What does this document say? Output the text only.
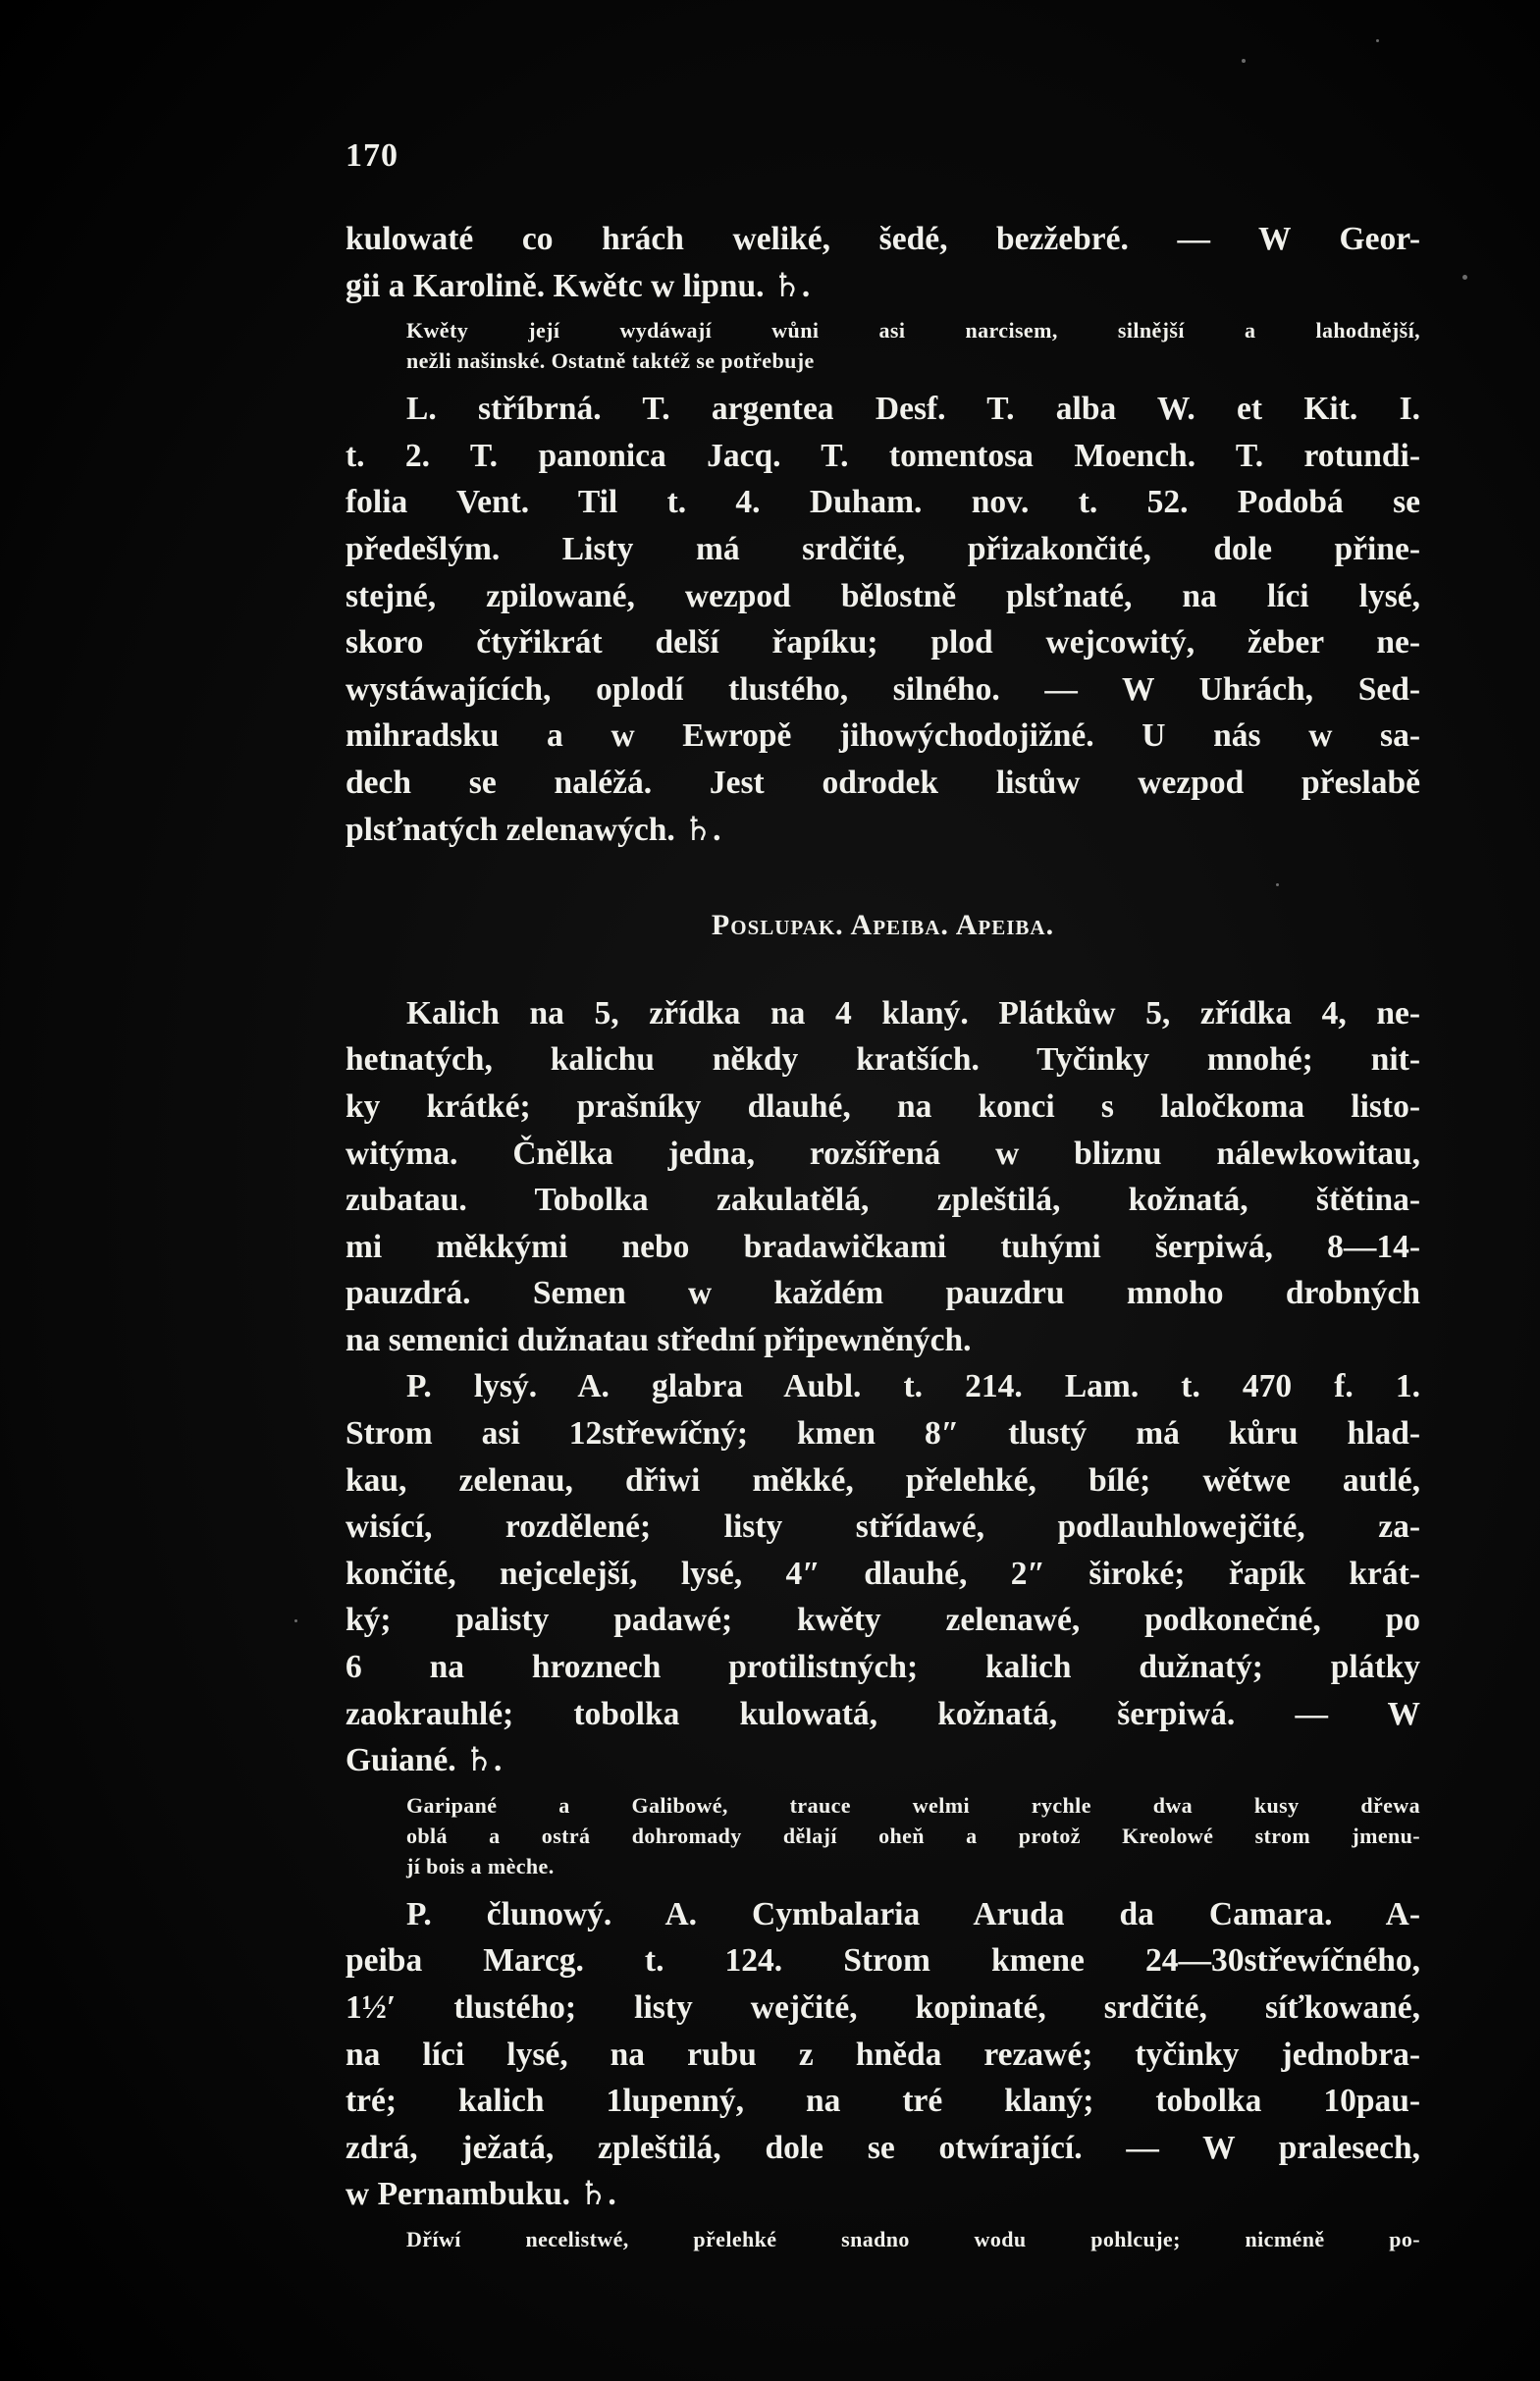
170
kulowaté co hrách weliké, šedé, bezžebré. — W Geor-
gii a Karolině. Kwětc w lipnu. ♄.
Kwěty její wydáwají wůni asi narcisem, silnější a lahodnější,
nežli našinské. Ostatně taktéž se potřebuje
L. stříbrná. T. argentea Desf. T. alba W. et Kit. I.
t. 2. T. panonica Jacq. T. tomentosa Moench. T. rotundi-
folia Vent. Til t. 4. Duham. nov. t. 52. Podobá se
předešlým. Listy má srdčité, přizakončité, dole přine-
stejné, zpilowané, wezpod bělostně plsťnaté, na líci lysé,
skoro čtyřikrát delší řapíku; plod wejcowitý, žeber ne-
wystáwajících, oplodí tlustého, silného. — W Uhrách, Sed-
mihradsku a w Ewropě jihowýchodojižné. U nás w sa-
dech se naléžá. Jest odrodek listůw wezpod přeslabě
plsťnatých zelenawých. ♄.
Poslupak. Apeiba. Apeiba.
Kalich na 5, zřídka na 4 klaný. Plátkůw 5, zřídka 4, ne-
hetnatých, kalichu někdy kratších. Tyčinky mnohé; nit-
ky krátké; prašníky dlauhé, na konci s laločkoma listo-
witýma. Čnělka jedna, rozšířená w bliznu nálewkowitau,
zubatau. Tobolka zakulatělá, zpleštilá, kožnatá, štětina-
mi měkkými nebo bradawičkami tuhými šerpiwá, 8—14-
pauzdrá. Semen w každém pauzdru mnoho drobných
na semenici dužnatau střední připewněných.
P. lysý. A. glabra Aubl. t. 214. Lam. t. 470 f. 1.
Strom asi 12střewíčný; kmen 8″ tlustý má kůru hlad-
kau, zelenau, dřiwi měkké, přelehké, bílé; wětwe autlé,
wisící, rozdělené; listy střídawé, podlauhlowejčité, za-
končité, nejcelejší, lysé, 4″ dlauhé, 2″ široké; řapík krát-
ký; palisty padawé; kwěty zelenawé, podkonečné, po
6 na hroznech protilistných; kalich dužnatý; plátky
zaokrauhlé; tobolka kulowatá, kožnatá, šerpiwá. — W
Guiané. ♄.
Garipané a Galibowé, trauce welmi rychle dwa kusy dřewa
oblá a ostrá dohromady dělají oheň a protož Kreolowé strom jmenu-
jí bois a mèche.
P. člunowý. A. Cymbalaria Aruda da Camara. A-
peiba Marcg. t. 124. Strom kmene 24—30střewíčného,
1½′ tlustého; listy wejčité, kopinaté, srdčité, síťkowané,
na líci lysé, na rubu z hněda rezawé; tyčinky jednobra-
tré; kalich 1lupenný, na tré klaný; tobolka 10pau-
zdrá, ježatá, zpleštilá, dole se otwírající. — W pralesech,
w Pernambuku. ♄.
Dříwí necelistwé, přelehké snadno wodu pohlcuje; nicméně po-
